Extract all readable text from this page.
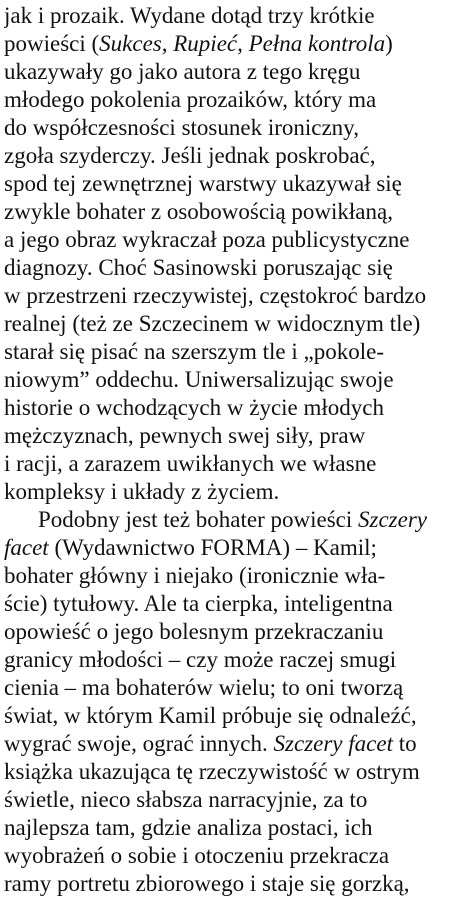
jak i prozaik. Wydane dotąd trzy krótkie
powieści (Sukces, Rupieć, Pełna kontrola)
ukazywały go jako autora z tego kręgu
młodego pokolenia prozaików, który ma
do współczesności stosunek ironiczny,
zgoła szyderczy. Jeśli jednak poskrobać,
spod tej zewnętrznej warstwy ukazywał się
zwykle bohater z osobowością powikłaną,
a jego obraz wykraczał poza publicystyczne
diagnozy. Choć Sasinowski poruszając się
w przestrzeni rzeczywistej, częstokroć bardzo
realnej (też ze Szczecinem w widocznym tle)
starał się pisać na szerszym tle i „pokole-
niowym” oddechu. Uniwersalizując swoje
historie o wchodzących w życie młodych
mężczyznach, pewnych swej siły, praw
i racji, a zarazem uwikłanych we własne
kompleksy i układy z życiem.
Podobny jest też bohater powieści Szczery
facet (Wydawnictwo FORMA) – Kamil;
bohater główny i niejako (ironicznie wła-
ście) tytułowy. Ale ta cierpka, inteligentna
opowieść o jego bolesnym przekraczaniu
granicy młodości – czy może raczej smugi
cienia – ma bohaterów wielu; to oni tworzą
świat, w którym Kamil próbuje się odnaleźć,
wygrać swoje, ograć innych. Szczery facet to
książka ukazująca tę rzeczywistość w ostrym
świetle, nieco słabsza narracyjnie, za to
najlepsza tam, gdzie analiza postaci, ich
wyobrażeń o sobie i otoczeniu przekracza
ramy portretu zbiorowego i staje się gorzką,
